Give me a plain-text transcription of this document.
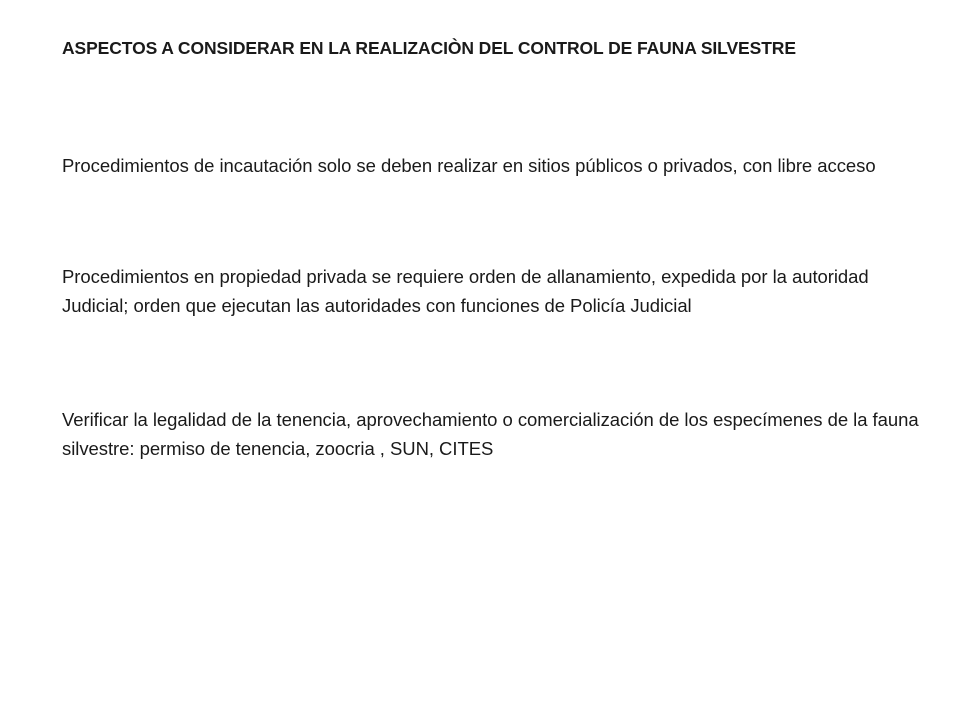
ASPECTOS A CONSIDERAR EN LA REALIZACIÒN DEL CONTROL DE FAUNA SILVESTRE
Procedimientos de incautación solo se deben realizar en sitios públicos o privados, con libre acceso
Procedimientos en propiedad privada se requiere orden de allanamiento, expedida por la autoridad Judicial; orden que ejecutan las autoridades con funciones de Policía Judicial
Verificar la legalidad de la tenencia, aprovechamiento o comercialización de los especímenes de la fauna silvestre: permiso de tenencia, zoocria , SUN, CITES
